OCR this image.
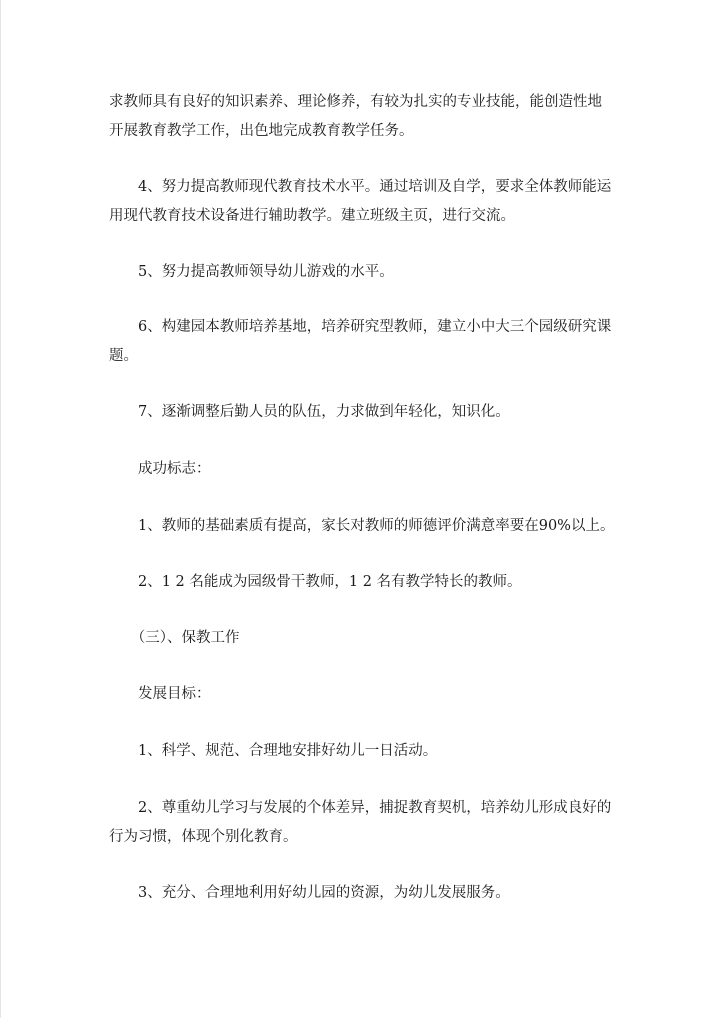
求教师具有良好的知识素养、理论修养，有较为扎实的专业技能，能创造性地
开展教育教学工作，出色地完成教育教学任务。

　　4、努力提高教师现代教育技术水平。通过培训及自学，要求全体教师能运
用现代教育技术设备进行辅助教学。建立班级主页，进行交流。

　　5、努力提高教师领导幼儿游戏的水平。

　　6、构建园本教师培养基地，培养研究型教师，建立小中大三个园级研究课
题。

　　7、逐渐调整后勤人员的队伍，力求做到年轻化，知识化。

　　成功标志：

　　1、教师的基础素质有提高，家长对教师的师德评价满意率要在90%以上。

　　2、1 2 名能成为园级骨干教师，1 2 名有教学特长的教师。

　　（三）、保教工作

　　发展目标：

　　1、科学、规范、合理地安排好幼儿一日活动。

　　2、尊重幼儿学习与发展的个体差异，捕捉教育契机，培养幼儿形成良好的
行为习惯，体现个别化教育。

　　3、充分、合理地利用好幼儿园的资源，为幼儿发展服务。
